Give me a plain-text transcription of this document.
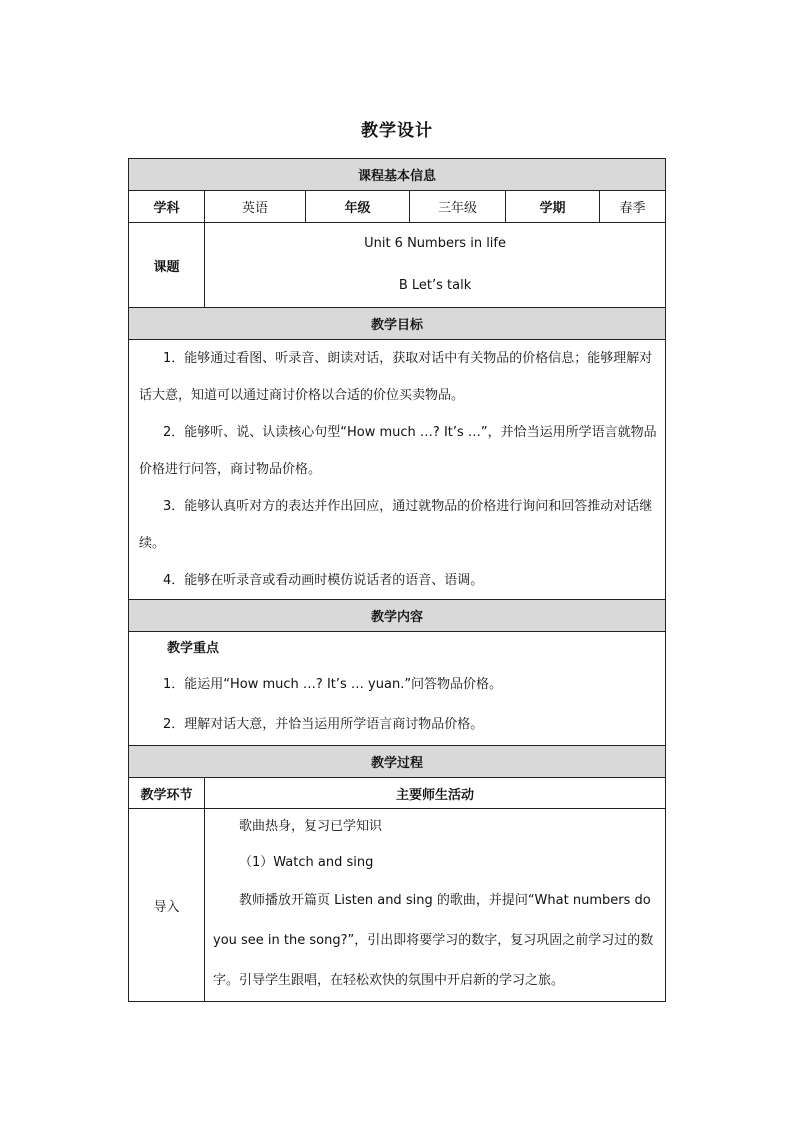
教学设计
课程基本信息					
学科	英语	年级	三年级	学期	春季
课题	Unit 6 Numbers in life
B Let’s talk				

教学目标					

1．能够通过看图、听录音、朗读对话，获取对话中有关物品的价格信息；能够理解对话大意，知道可以通过商讨价格以合适的价位买卖物品。

2．能够听、说、认读核心句型“How much …? It’s …”，并恰当运用所学语言就物品价格进行问答，商讨物品价格。

3．能够认真听对方的表达并作出回应，通过就物品的价格进行询问和回答推动对话继续。

4．能够在听录音或看动画时模仿说话者的语音、语调。					

教学内容					

教学重点

1．能运用“How much …? It’s … yuan.”问答物品价格。

2．理解对话大意，并恰当运用所学语言商讨物品价格。					

教学过程					
教学环节	主要师生活动				
导入	歌曲热身，复习已学知识

（1）Watch and sing

教师播放开篇页 Listen and sing 的歌曲，并提问“What numbers do you see in the song?”，引出即将要学习的数字，复习巩固之前学习过的数字。引导学生跟唱，在轻松欢快的氛围中开启新的学习之旅。				
